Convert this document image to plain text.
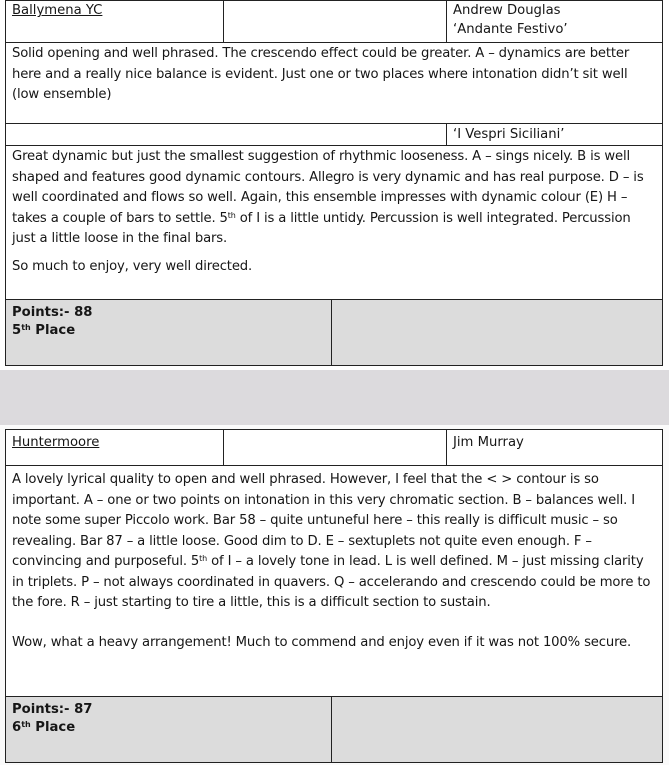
Ballymena YC	Andrew Douglas
‘Andante Festivo’

Solid opening and well phrased. The crescendo effect could be greater. A – dynamics are better here and a really nice balance is evident. Just one or two places where intonation didn’t sit well (low ensemble)

‘I Vespri Siciliani’

Great dynamic but just the smallest suggestion of rhythmic looseness. A – sings nicely. B is well shaped and features good dynamic contours. Allegro is very dynamic and has real purpose. D – is well coordinated and flows so well. Again, this ensemble impresses with dynamic colour (E) H – takes a couple of bars to settle. 5th of I is a little untidy. Percussion is well integrated. Percussion just a little loose in the final bars.

So much to enjoy, very well directed.

Points:- 88
5th Place
Huntermoore	Jim Murray

A lovely lyrical quality to open and well phrased. However, I feel that the < > contour is so important. A – one or two points on intonation in this very chromatic section. B – balances well. I note some super Piccolo work. Bar 58 – quite untuneful here – this really is difficult music – so revealing. Bar 87 – a little loose. Good dim to D. E – sextuplets not quite even enough. F – convincing and purposeful. 5th of I – a lovely tone in lead. L is well defined. M – just missing clarity in triplets. P – not always coordinated in quavers. Q – accelerando and crescendo could be more to the fore. R – just starting to tire a little, this is a difficult section to sustain.

Wow, what a heavy arrangement! Much to commend and enjoy even if it was not 100% secure.

Points:- 87
6th Place
